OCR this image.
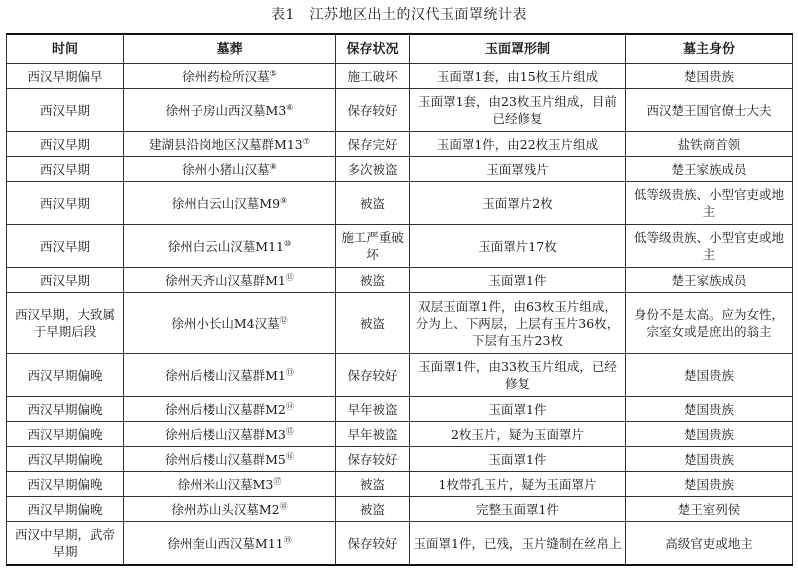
表1　江苏地区出土的汉代玉面罩统计表
时间	墓葬	保存状况	玉面罩形制	墓主身份
西汉早期偏早	徐州药检所汉墓⑤	施工破坏	玉面罩1套，由15枚玉片组成	楚国贵族
西汉早期	徐州子房山西汉墓M3⑥	保存较好	玉面罩1套，由23枚玉片组成，目前已经修复	西汉楚王国官僚士大夫
西汉早期	建湖县沿岗地区汉墓群M13⑦	保存完好	玉面罩1件，由22枚玉片组成	盐铁商首领
西汉早期	徐州小猪山汉墓⑧	多次被盗	玉面罩残片	楚王家族成员
西汉早期	徐州白云山汉墓M9⑨	被盗	玉面罩片2枚	低等级贵族、小型官吏或地主
西汉早期	徐州白云山汉墓M11⑩	施工严重破坏	玉面罩片17枚	低等级贵族、小型官吏或地主
西汉早期	徐州天齐山汉墓群M1⑪	被盗	玉面罩1件	楚王家族成员
西汉早期，大致属于早期后段	徐州小长山M4汉墓⑫	被盗	双层玉面罩1件，由63枚玉片组成，分为上、下两层，上层有玉片36枚，下层有玉片23枚	身份不是太高。应为女性，宗室女或是庶出的翁主
西汉早期偏晚	徐州后楼山汉墓群M1⑬	保存较好	玉面罩1件，由33枚玉片组成，已经修复	楚国贵族
西汉早期偏晚	徐州后楼山汉墓群M2⑭	早年被盗	玉面罩1件	楚国贵族
西汉早期偏晚	徐州后楼山汉墓群M3⑮	早年被盗	2枚玉片，疑为玉面罩片	楚国贵族
西汉早期偏晚	徐州后楼山汉墓群M5⑯	保存较好	玉面罩1件	楚国贵族
西汉早期偏晚	徐州米山汉墓M3⑰	被盗	1枚带孔玉片，疑为玉面罩片	楚国贵族
西汉早期偏晚	徐州苏山头汉墓M2⑱	被盗	完整玉面罩1件	楚王室列侯
西汉中早期，武帝早期	徐州奎山西汉墓M11⑲	保存较好	玉面罩1件，已残，玉片缝制在丝帛上	高级官吏或地主
